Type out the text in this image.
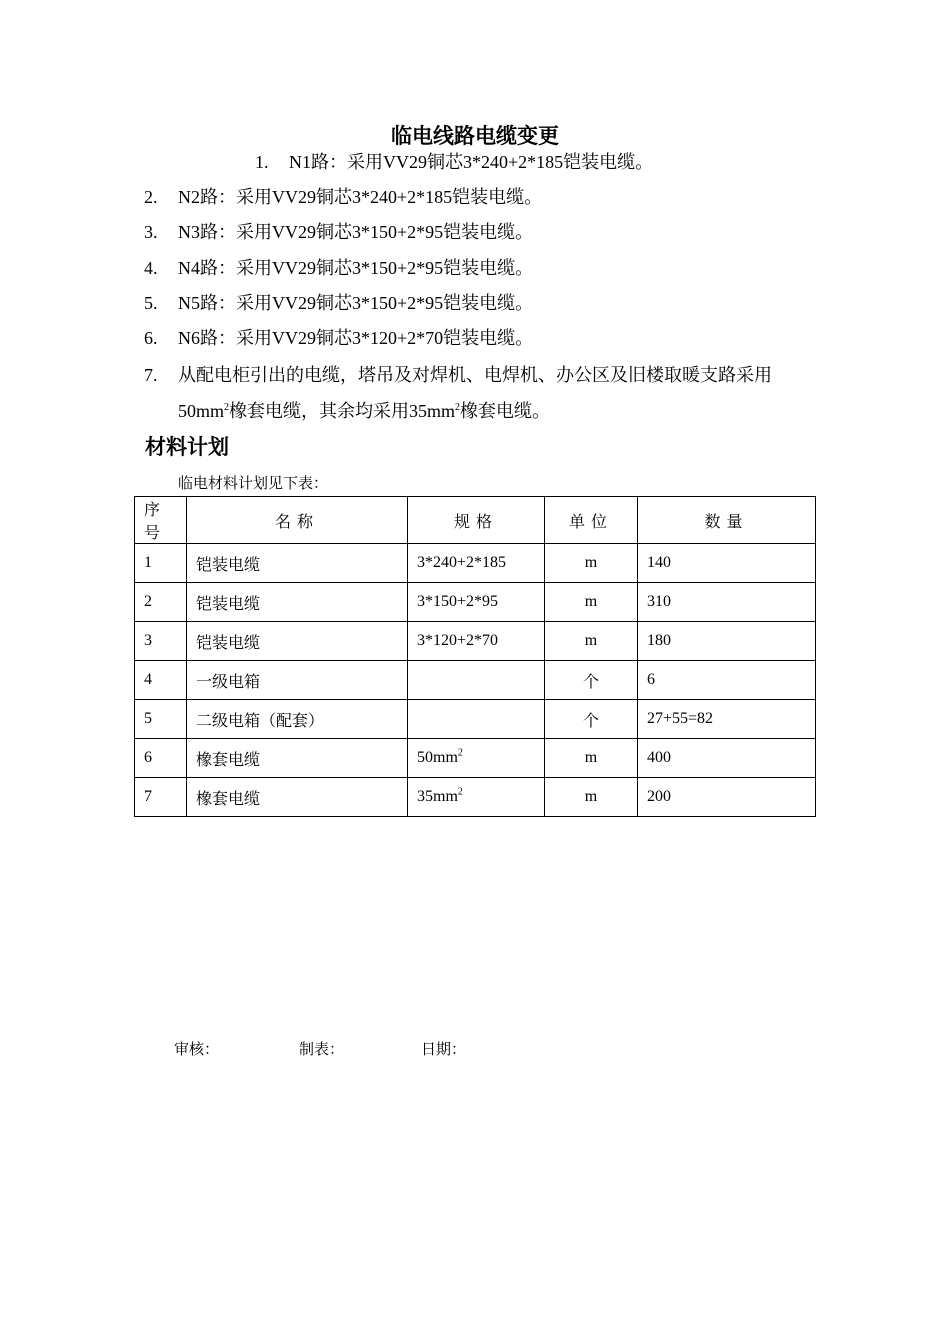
临电线路电缆变更
1. N1路：采用VV29铜芯3*240+2*185铠装电缆。
2. N2路：采用VV29铜芯3*240+2*185铠装电缆。
3. N3路：采用VV29铜芯3*150+2*95铠装电缆。
4. N4路：采用VV29铜芯3*150+2*95铠装电缆。
5. N5路：采用VV29铜芯3*150+2*95铠装电缆。
6. N6路：采用VV29铜芯3*120+2*70铠装电缆。
7. 从配电柜引出的电缆，塔吊及对焊机、电焊机、办公区及旧楼取暖支路采用
$50mm^2$橡套电缆，其余均采用$35mm^2$橡套电缆。
材料计划
临电材料计划见下表：
序号	名称	规格	单位	数量
1	铠装电缆	3*240+2*185	m	140
2	铠装电缆	3*150+2*95	m	310
3	铠装电缆	3*120+2*70	m	180
4	一级电箱		个	6
5	二级电箱（配套）		个	27+55=82
6	橡套电缆	$50mm^2$	m	400
7	橡套电缆	$35mm^2$	m	200
审核：	制表：	日期：
